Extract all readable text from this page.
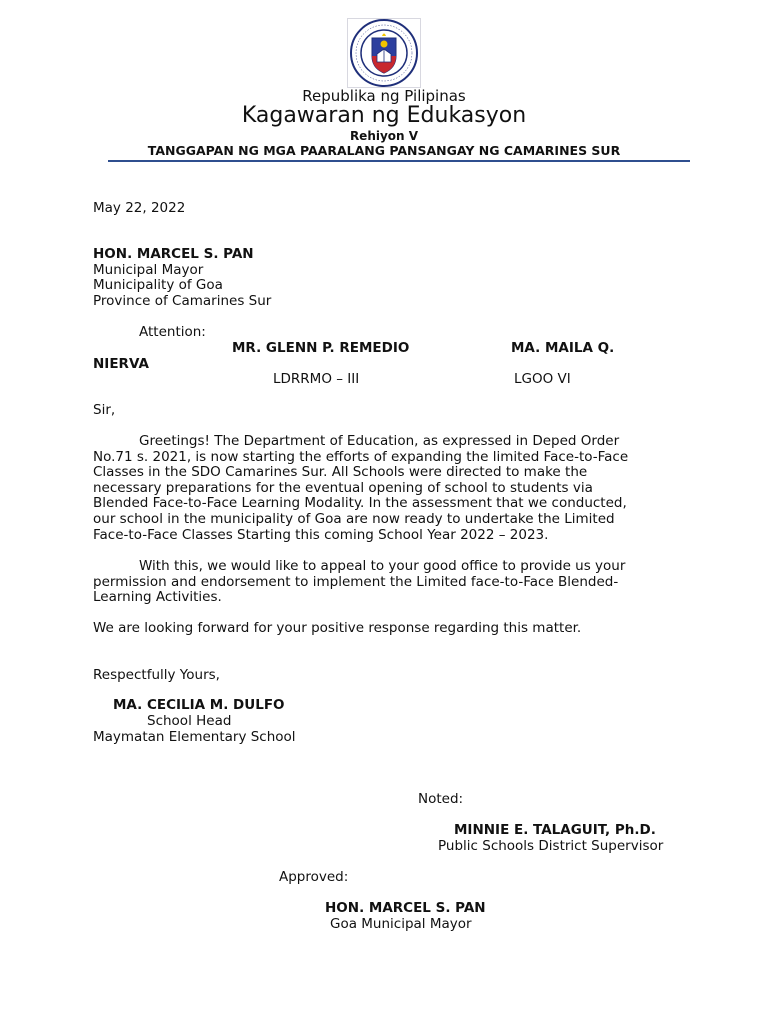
Republika ng Pilipinas
Kagawaran ng Edukasyon
Rehiyon V
TANGGAPAN NG MGA PAARALANG PANSANGAY NG CAMARINES SUR
May 22, 2022
HON. MARCEL S. PAN
Municipal Mayor
Municipality of Goa
Province of Camarines Sur
Attention:
MR. GLENN P. REMEDIO	MA. MAILA Q.
NIERVA
LDRRMO – III	LGOO VI
Sir,
Greetings! The Department of Education, as expressed in Deped Order
No.71 s. 2021, is now starting the efforts of expanding the limited Face-to-Face
Classes in the SDO Camarines Sur. All Schools were directed to make the
necessary preparations for the eventual opening of school to students via
Blended Face-to-Face Learning Modality. In the assessment that we conducted,
our school in the municipality of Goa are now ready to undertake the Limited
Face-to-Face Classes Starting this coming School Year 2022 – 2023.
With this, we would like to appeal to your good office to provide us your
permission and endorsement to implement the Limited face-to-Face Blended-
Learning Activities.
We are looking forward for your positive response regarding this matter.
Respectfully Yours,
MA. CECILIA M. DULFO
School Head
Maymatan Elementary School
Noted:
MINNIE E. TALAGUIT, Ph.D.
Public Schools District Supervisor
Approved:
HON. MARCEL S. PAN
Goa Municipal Mayor
